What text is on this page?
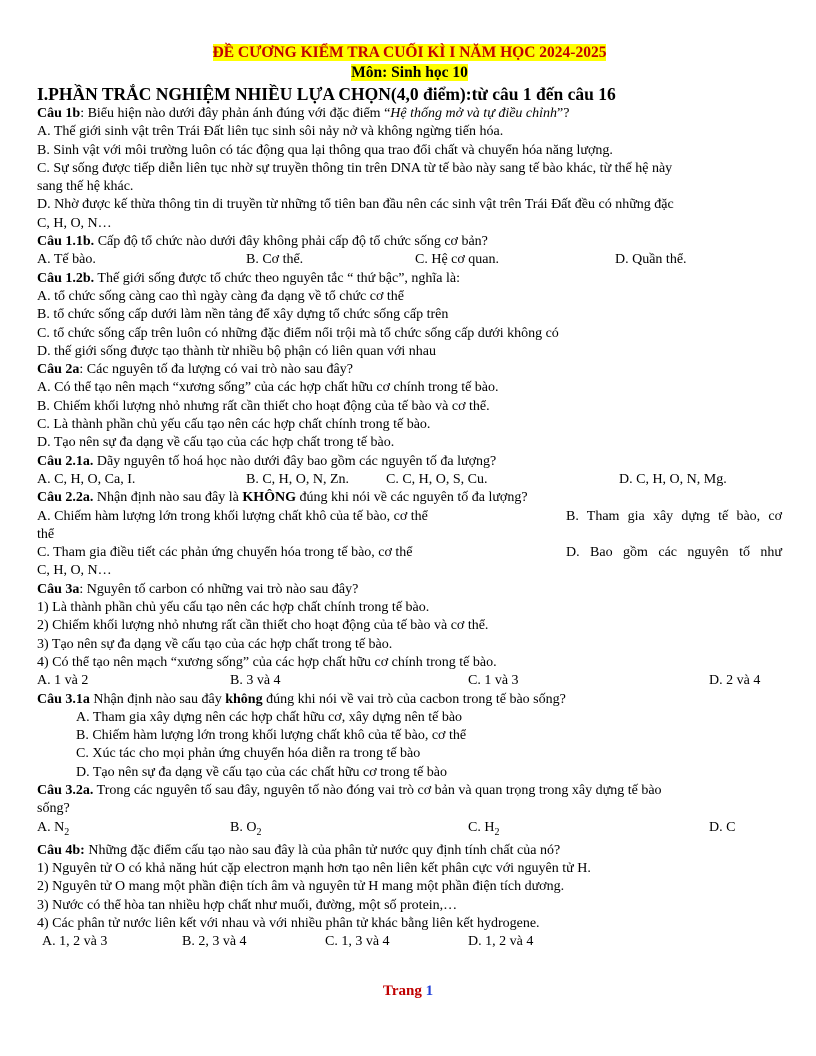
ĐỀ CƯƠNG KIỂM TRA CUỐI KÌ I NĂM HỌC 2024-2025
Môn: Sinh học 10
I.PHẦN TRẮC NGHIỆM NHIỀU LỰA CHỌN(4,0 điểm):từ câu 1 đến câu 16
Câu 1b: Biểu hiện nào dưới đây phản ánh đúng với đặc điểm “Hệ thống mở và tự điều chỉnh”?
A. Thế giới sinh vật trên Trái Đất liên tục sinh sôi nảy nở và không ngừng tiến hóa.
B. Sinh vật với môi trường luôn có tác động qua lại thông qua trao đổi chất và chuyển hóa năng lượng.
C. Sự sống được tiếp diễn liên tục nhờ sự truyền thông tin trên DNA từ tế bào này sang tế bào khác, từ thế hệ này
sang thế hệ khác.
D. Nhờ được kế thừa thông tin di truyền từ những tổ tiên ban đầu nên các sinh vật trên Trái Đất đều có những đặc
C, H, O, N…
Câu 1.1b. Cấp độ tổ chức nào dưới đây không phải cấp độ tổ chức sống cơ bản?
A. Tế bào.	B. Cơ thể.	C. Hệ cơ quan.	D. Quần thể.
Câu 1.2b. Thế giới sống được tổ chức theo nguyên tắc “ thứ bậc”, nghĩa là:
A. tổ chức sống càng cao thì ngày càng đa dạng về tổ chức cơ thể
B. tổ chức sống cấp dưới làm nền tảng để xây dựng tổ chức sống cấp trên
C. tổ chức sống cấp trên luôn có những đặc điểm nổi trội mà tổ chức sống cấp dưới không có
D. thế giới sống được tạo thành từ nhiều bộ phận có liên quan với nhau
Câu 2a: Các nguyên tố đa lượng có vai trò nào sau đây?
A. Có thể tạo nên mạch “xương sống” của các hợp chất hữu cơ chính trong tế bào.
B. Chiếm khối lượng nhỏ nhưng rất cần thiết cho hoạt động của tế bào và cơ thể.
C. Là thành phần chủ yếu cấu tạo nên các hợp chất chính trong tế bào.
D. Tạo nên sự đa dạng về cấu tạo của các hợp chất trong tế bào.
Câu 2.1a. Dãy nguyên tố hoá học nào dưới đây bao gồm các nguyên tố đa lượng?
A. C, H, O, Ca, I.	B. C, H, O, N, Zn.	C. C, H, O, S, Cu.	D. C, H, O, N, Mg.
Câu 2.2a. Nhận định nào sau đây là KHÔNG đúng khi nói về các nguyên tố đa lượng?
A. Chiếm hàm lượng lớn trong khối lượng chất khô của tế bào, cơ thể	B. Tham gia xây dựng tế bào, cơ
thể
C. Tham gia điều tiết các phản ứng chuyển hóa trong tế bào, cơ thể	D. Bao gồm các nguyên tố như
C, H, O, N…
Câu 3a: Nguyên tố carbon có những vai trò nào sau đây?
1) Là thành phần chủ yếu cấu tạo nên các hợp chất chính trong tế bào.
2) Chiếm khối lượng nhỏ nhưng rất cần thiết cho hoạt động của tế bào và cơ thể.
3) Tạo nên sự đa dạng về cấu tạo của các hợp chất trong tế bào.
4) Có thể tạo nên mạch “xương sống” của các hợp chất hữu cơ chính trong tế bào.
A. 1 và 2	B. 3 và 4	C. 1 và 3	D. 2 và 4
Câu 3.1a Nhận định nào sau đây không đúng khi nói về vai trò của cacbon trong tế bào sống?
A. Tham gia xây dựng nên các hợp chất hữu cơ, xây dựng nên tế bào
B. Chiếm hàm lượng lớn trong khối lượng chất khô của tế bào, cơ thể
C. Xúc tác cho mọi phản ứng chuyển hóa diễn ra trong tế bào
D. Tạo nên sự đa dạng về cấu tạo của các chất hữu cơ trong tế bào
Câu 3.2a. Trong các nguyên tố sau đây, nguyên tố nào đóng vai trò cơ bản và quan trọng trong xây dựng tế bào
sống?
A. $N_2$	B. $O_2$	C. $H_2$	D. C
Câu 4b: Những đặc điểm cấu tạo nào sau đây là của phân tử nước quy định tính chất của nó?
1) Nguyên tử O có khả năng hút cặp electron mạnh hơn tạo nên liên kết phân cực với nguyên tử H.
2) Nguyên tử O mang một phần điện tích âm và nguyên tử H mang một phần điện tích dương.
3) Nước có thể hòa tan nhiều hợp chất như muối, đường, một số protein,…
4) Các phân tử nước liên kết với nhau và với nhiều phân tử khác bằng liên kết hydrogene.
A. 1, 2 và 3	B. 2, 3 và 4	C. 1, 3 và 4	D. 1, 2 và 4
Trang 1
